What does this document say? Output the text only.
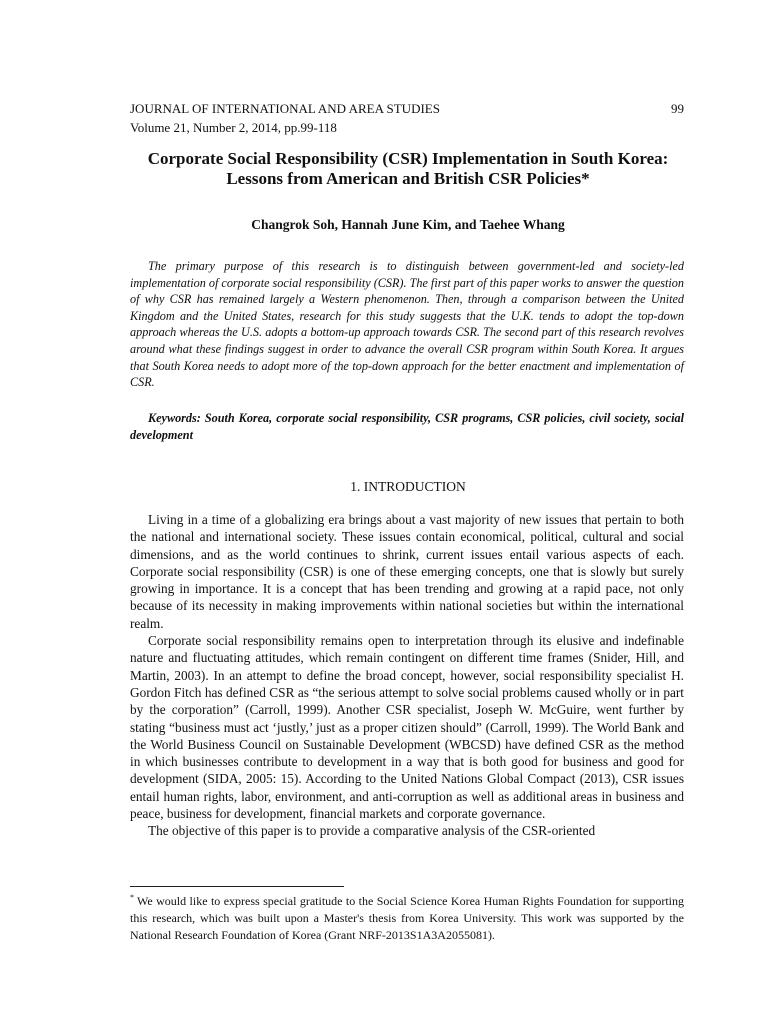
JOURNAL OF INTERNATIONAL AND AREA STUDIES
Volume 21, Number 2, 2014, pp.99-118
99
Corporate Social Responsibility (CSR) Implementation in South Korea:
Lessons from American and British CSR Policies*
Changrok Soh, Hannah June Kim, and Taehee Whang

The primary purpose of this research is to distinguish between government-led and society-led implementation of corporate social responsibility (CSR). The first part of this paper works to answer the question of why CSR has remained largely a Western phenomenon. Then, through a comparison between the United Kingdom and the United States, research for this study suggests that the U.K. tends to adopt the top-down approach whereas the U.S. adopts a bottom-up approach towards CSR. The second part of this research revolves around what these findings suggest in order to advance the overall CSR program within South Korea. It argues that South Korea needs to adopt more of the top-down approach for the better enactment and implementation of CSR.

Keywords: South Korea, corporate social responsibility, CSR programs, CSR policies, civil society, social development

1. INTRODUCTION

Living in a time of a globalizing era brings about a vast majority of new issues that pertain to both the national and international society. These issues contain economical, political, cultural and social dimensions, and as the world continues to shrink, current issues entail various aspects of each. Corporate social responsibility (CSR) is one of these emerging concepts, one that is slowly but surely growing in importance. It is a concept that has been trending and growing at a rapid pace, not only because of its necessity in making improvements within national societies but within the international realm.

Corporate social responsibility remains open to interpretation through its elusive and indefinable nature and fluctuating attitudes, which remain contingent on different time frames (Snider, Hill, and Martin, 2003). In an attempt to define the broad concept, however, social responsibility specialist H. Gordon Fitch has defined CSR as “the serious attempt to solve social problems caused wholly or in part by the corporation” (Carroll, 1999). Another CSR specialist, Joseph W. McGuire, went further by stating “business must act ‘justly,’ just as a proper citizen should” (Carroll, 1999). The World Bank and the World Business Council on Sustainable Development (WBCSD) have defined CSR as the method in which businesses contribute to development in a way that is both good for business and good for development (SIDA, 2005: 15). According to the United Nations Global Compact (2013), CSR issues entail human rights, labor, environment, and anti-corruption as well as additional areas in business and peace, business for development, financial markets and corporate governance.

The objective of this paper is to provide a comparative analysis of the CSR-oriented

* We would like to express special gratitude to the Social Science Korea Human Rights Foundation for supporting this research, which was built upon a Master's thesis from Korea University. This work was supported by the National Research Foundation of Korea (Grant NRF-2013S1A3A2055081).
